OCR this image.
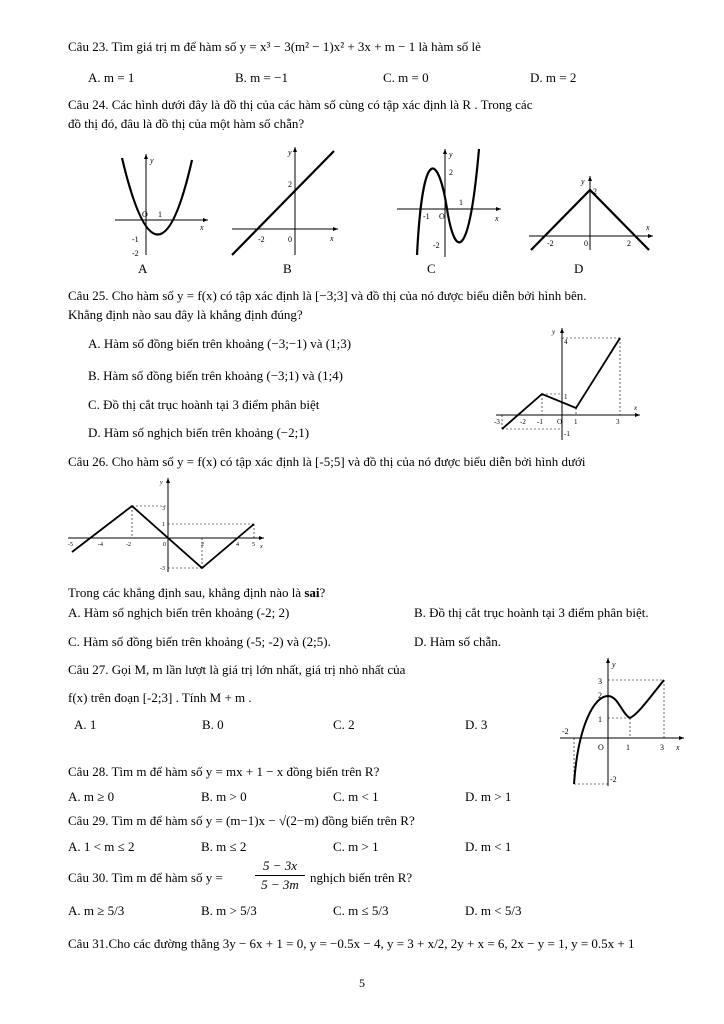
Câu 23. Tìm giá trị m để hàm số y = x³ − 3(m² − 1)x² + 3x + m − 1 là hàm số lẻ
A. m = 1	B. m = −1	C. m = 0	D. m = 2
Câu 24. Các hình dưới đây là đồ thị của các hàm số cùng có tập xác định là R . Trong các
đồ thị đó, đâu là đồ thị của một hàm số chẵn?
y
x
O 1
-1
-2
y
x
2
-2	0
y
x
2
1
-1 O
-2
y
2
-2	0	2
x
A	B	C	D
Câu 25. Cho hàm số y = f(x) có tập xác định là [−3;3] và đồ thị của nó được biểu diễn bởi hình bên.
Khẳng định nào sau đây là khẳng định đúng?
A. Hàm số đồng biến trên khoảng (−3;−1) và (1;3)
B. Hàm số đồng biến trên khoảng (−3;1) và (1;4)
C. Đồ thị cắt trục hoành tại 3 điểm phân biệt
D. Hàm số nghịch biến trên khoảng (−2;1)
y
x
4
1
-3	-2 -1 O 1	3
-1
Câu 26. Cho hàm số y = f(x) có tập xác định là [-5;5] và đồ thị của nó được biểu diễn bởi hình dưới
y
x
3
1
-5	-4	-2	0	2	4 5
-3
Trong các khẳng định sau, khẳng định nào là sai?
A. Hàm số nghịch biến trên khoảng (-2; 2)	B. Đồ thị cắt trục hoành tại 3 điểm phân biệt.
C. Hàm số đồng biến trên khoảng (-5; -2) và (2;5).	D. Hàm số chẵn.
Câu 27. Gọi M, m lần lượt là giá trị lớn nhất, giá trị nhỏ nhất của
f(x) trên đoạn [-2;3] . Tính M + m .
A. 1	B. 0	C. 2	D. 3
y
x
3
2
1
-2
O	1	3
-2
Câu 28. Tìm m để hàm số y = mx + 1 − x đồng biến trên R?
A. m ≥ 0	B. m > 0	C. m < 1	D. m > 1
Câu 29. Tìm m để hàm số y = (m−1)x − √(2−m) đồng biến trên R?
A. 1 < m ≤ 2	B. m ≤ 2	C. m > 1	D. m < 1
Câu 30. Tìm m để hàm số y =
5 − 3x
5 − 3m nghịch biến trên R?
A. m ≥ 5/3	B. m > 5/3	C. m ≤ 5/3	D. m < 5/3
Câu 31.Cho các đường thẳng 3y − 6x + 1 = 0, y = −0.5x − 4, y = 3 + x/2, 2y + x = 6, 2x − y = 1, y = 0.5x + 1
5
